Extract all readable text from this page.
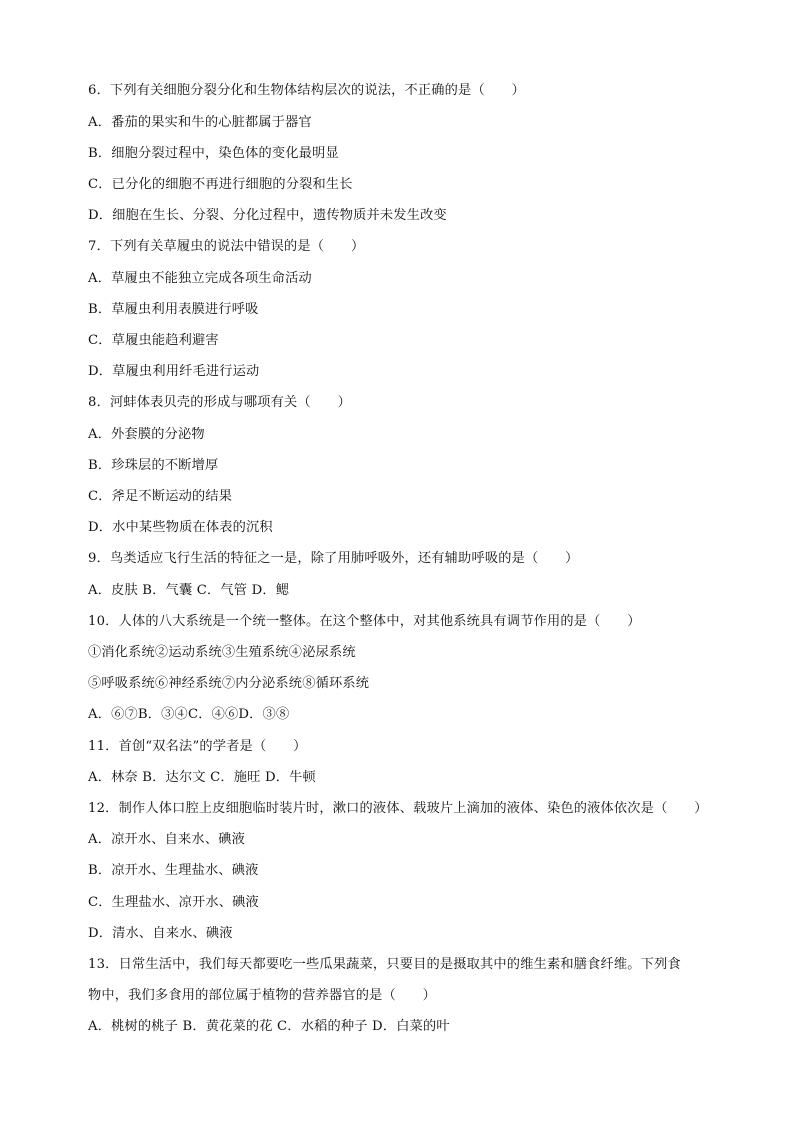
6．下列有关细胞分裂分化和生物体结构层次的说法，不正确的是（　　）
A．番茄的果实和牛的心脏都属于器官
B．细胞分裂过程中，染色体的变化最明显
C．已分化的细胞不再进行细胞的分裂和生长
D．细胞在生长、分裂、分化过程中，遗传物质并未发生改变
7．下列有关草履虫的说法中错误的是（　　）
A．草履虫不能独立完成各项生命活动
B．草履虫利用表膜进行呼吸
C．草履虫能趋利避害
D．草履虫利用纤毛进行运动
8．河蚌体表贝壳的形成与哪项有关（　　）
A．外套膜的分泌物
B．珍珠层的不断增厚
C．斧足不断运动的结果
D．水中某些物质在体表的沉积
9．鸟类适应飞行生活的特征之一是，除了用肺呼吸外，还有辅助呼吸的是（　　）
A．皮肤 B．气囊 C．气管 D．鳃
10．人体的八大系统是一个统一整体。在这个整体中，对其他系统具有调节作用的是（　　）
①消化系统②运动系统③生殖系统④泌尿系统
⑤呼吸系统⑥神经系统⑦内分泌系统⑧循环系统
A．⑥⑦B．③④C．④⑥D．③⑧
11．首创“双名法”的学者是（　　）
A．林奈 B．达尔文 C．施旺 D．牛顿
12．制作人体口腔上皮细胞临时装片时，漱口的液体、载玻片上滴加的液体、染色的液体依次是（　　）
A．凉开水、自来水、碘液
B．凉开水、生理盐水、碘液
C．生理盐水、凉开水、碘液
D．清水、自来水、碘液
13．日常生活中，我们每天都要吃一些瓜果蔬菜，只要目的是摄取其中的维生素和膳食纤维。下列食
物中，我们多食用的部位属于植物的营养器官的是（　　）
A．桃树的桃子 B．黄花菜的花 C．水稻的种子 D．白菜的叶
